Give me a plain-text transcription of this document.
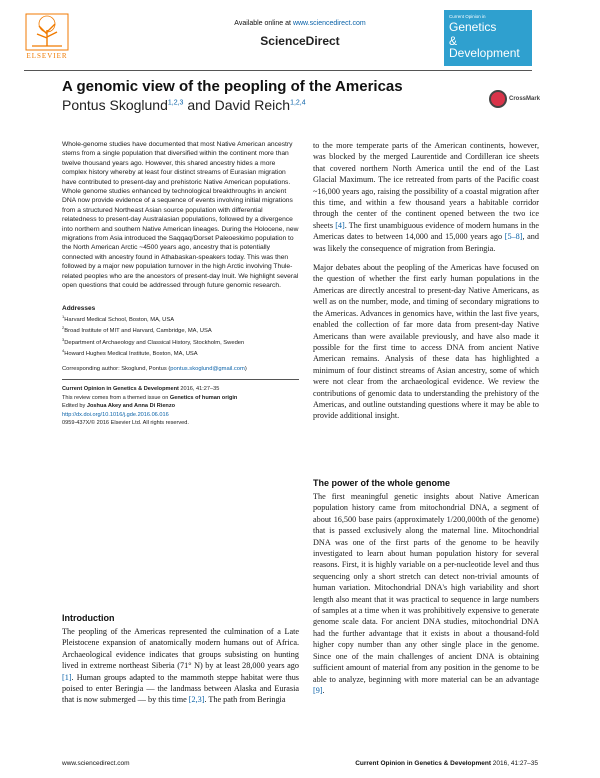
ELSEVIER
Available online at www.sciencedirect.com
ScienceDirect
Current Opinion in
Genetics
& Development
A genomic view of the peopling of the Americas
Pontus Skoglund$^{1,2,3}$ and David Reich$^{1,2,4}$
CrossMark

Whole-genome studies have documented that most Native American ancestry stems from a single population that diversified within the continent more than twelve thousand years ago. However, this shared ancestry hides a more complex history whereby at least four distinct streams of Eurasian migration have contributed to present-day and prehistoric Native American populations. Whole genome studies enhanced by technological breakthroughs in ancient DNA now provide evidence of a sequence of events involving initial migrations from a structured Northeast Asian source population with differential relatedness to present-day Australasian populations, followed by a divergence into northern and southern Native American lineages. During the Holocene, new migrations from Asia introduced the Saqqaq/Dorset Paleoeskimo population to the North American Arctic ~4500 years ago, ancestry that is potentially connected with ancestry found in Athabaskan-speakers today. This was then followed by a major new population turnover in the high Arctic involving Thule-related peoples who are the ancestors of present-day Inuit. We highlight several open questions that could be addressed through future genomic research.

Addresses
$^1$Harvard Medical School, Boston, MA, USA
$^2$Broad Institute of MIT and Harvard, Cambridge, MA, USA
$^3$Department of Archaeology and Classical History, Stockholm, Sweden
$^4$Howard Hughes Medical Institute, Boston, MA, USA
Corresponding author: Skoglund, Pontus (pontus.skoglund@gmail.com)
Current Opinion in Genetics & Development 2016, 41:27–35
This review comes from a themed issue on Genetics of human origin
Edited by Joshua Akey and Anna Di Rienzo
http://dx.doi.org/10.1016/j.gde.2016.06.016
0959-437X/© 2016 Elsevier Ltd. All rights reserved.
Introduction

The peopling of the Americas represented the culmination of a Late Pleistocene expansion of anatomically modern humans out of Africa. Archaeological evidence indicates that groups subsisting on hunting lived in extreme northeast Siberia (71° N) by at least 28,000 years ago [1]. Human groups adapted to the mammoth steppe habitat were thus poised to enter Beringia — the landmass between Alaska and Eurasia that is now submerged — by this time [2,3]. The path from Beringia

to the more temperate parts of the American continents, however, was blocked by the merged Laurentide and Cordilleran ice sheets that covered northern North America until the end of the Last Glacial Maximum. The ice retreated from parts of the Pacific coast ~16,000 years ago, raising the possibility of a coastal migration after this time, and within a few thousand years a habitable corridor through the center of the continent opened between the two ice sheets [4]. The first unambiguous evidence of modern humans in the Americas dates to between 14,000 and 15,000 years ago [5–8], and was likely the consequence of migration from Beringia.

Major debates about the peopling of the Americas have focused on the question of whether the first early human populations in the Americas are directly ancestral to present-day Native Americans, as well as on the number, mode, and timing of secondary migrations to the Americas. Advances in genomics have, within the last five years, enabled the collection of far more data from present-day Native Americans than were available previously, and have also made it possible for the first time to access DNA from ancient Native American remains. Analysis of these data has highlighted a minimum of four distinct streams of Asian ancestry, some of which were not clear from the archaeological evidence. We review the contributions of genomic data to understanding the prehistory of the Americas, and outline outstanding questions where it may be able to provide additional insight.

The power of the whole genome

The first meaningful genetic insights about Native American population history came from mitochondrial DNA, a segment of about 16,500 base pairs (approximately 1/200,000th of the genome) that is passed exclusively along the maternal line. Mitochondrial DNA was one of the first parts of the genome to be heavily investigated to learn about human population history for several reasons. First, it is highly variable on a per-nucleotide level and thus sequencing only a short stretch can detect non-trivial amounts of human variation. Mitochondrial DNA's high variability and short length also meant that it was practical to sequence in large numbers of samples at a time when it was prohibitively expensive to generate genome scale data. For ancient DNA studies, mitochondrial DNA had the further advantage that it exists in about a thousand-fold higher copy number than any other single place in the genome. Since one of the main challenges of ancient DNA is obtaining sufficient amount of material from any position in the genome to be able to analyze, beginning with more material can be an advantage [9].

www.sciencedirect.com	Current Opinion in Genetics & Development 2016, 41:27–35
